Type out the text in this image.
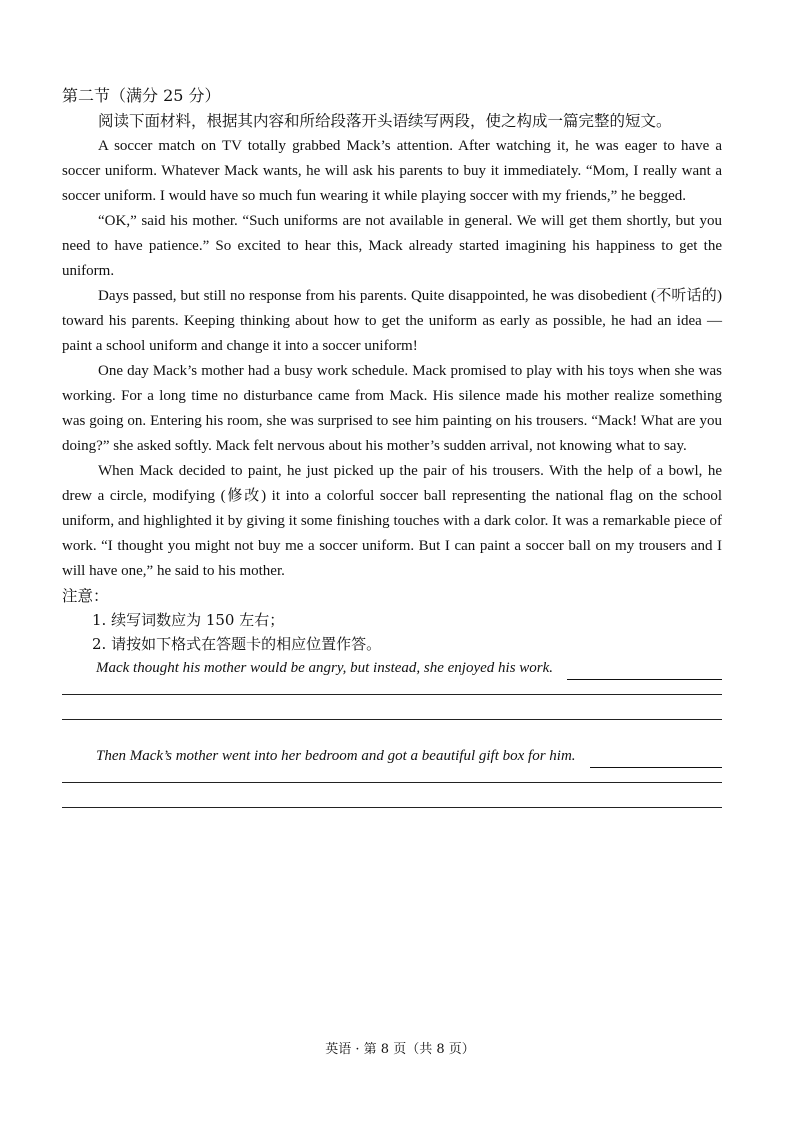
第二节（满分 25 分）

阅读下面材料，根据其内容和所给段落开头语续写两段，使之构成一篇完整的短文。

A soccer match on TV totally grabbed Mack’s attention. After watching it, he was eager to have a soccer uniform. Whatever Mack wants, he will ask his parents to buy it immediately. “Mom, I really want a soccer uniform. I would have so much fun wearing it while playing soccer with my friends,” he begged.

“OK,” said his mother. “Such uniforms are not available in general. We will get them shortly, but you need to have patience.” So excited to hear this, Mack already started imagining his happiness to get the uniform.

Days passed, but still no response from his parents. Quite disappointed, he was disobedient (不听话的) toward his parents. Keeping thinking about how to get the uniform as early as possible, he had an idea — paint a school uniform and change it into a soccer uniform!

One day Mack’s mother had a busy work schedule. Mack promised to play with his toys when she was working. For a long time no disturbance came from Mack. His silence made his mother realize something was going on. Entering his room, she was surprised to see him painting on his trousers. “Mack! What are you doing?” she asked softly. Mack felt nervous about his mother’s sudden arrival, not knowing what to say.

When Mack decided to paint, he just picked up the pair of his trousers. With the help of a bowl, he drew a circle, modifying (修改) it into a colorful soccer ball representing the national flag on the school uniform, and highlighted it by giving it some finishing touches with a dark color. It was a remarkable piece of work. “I thought you might not buy me a soccer uniform. But I can paint a soccer ball on my trousers and I will have one,” he said to his mother.

注意：

1. 续写词数应为 150 左右；

2. 请按如下格式在答题卡的相应位置作答。

Mack thought his mother would be angry, but instead, she enjoyed his work.
Then Mack’s mother went into her bedroom and got a beautiful gift box for him.
英语 · 第 8 页（共 8 页）
